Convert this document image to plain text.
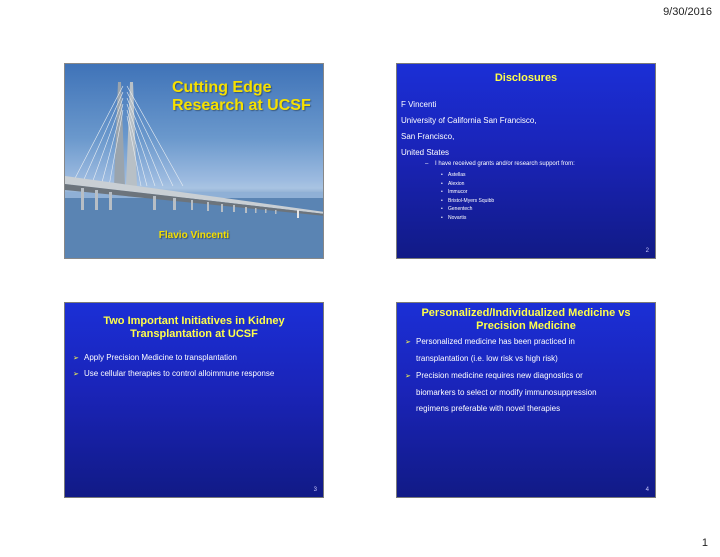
9/30/2016
Cutting Edge
Research at UCSF
Flavio Vincenti
Disclosures
F Vincenti
University of California San Francisco,
San Francisco,
United States
– I have received grants and/or research support from:
• Astellas
• Alexion
• Immucor
• Bristol-Myers Squibb
• Genentech
• Novartis
2
Two Important Initiatives in Kidney
Transplantation at UCSF
➢ Apply Precision Medicine to transplantation
➢ Use cellular therapies to control alloimmune response
3
Personalized/Individualized Medicine vs
Precision Medicine
➢ Personalized medicine has been practiced in
transplantation (i.e. low risk vs high risk)
➢ Precision medicine requires new diagnostics or
biomarkers to select or modify immunosuppression
regimens preferable with novel therapies
4
1
